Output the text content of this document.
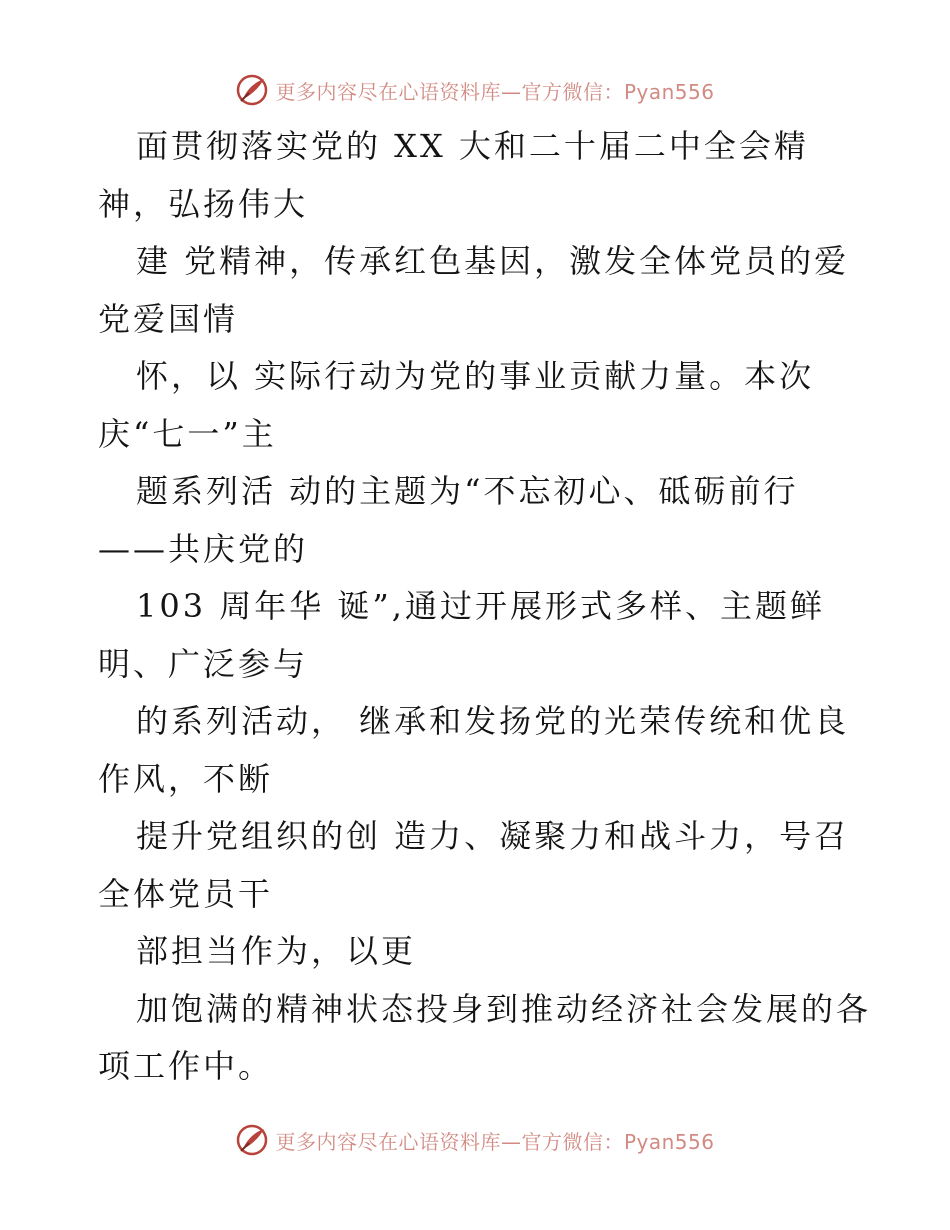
更多内容尽在心语资料库—官方微信：Pyan556
面贯彻落实党的 XX 大和二十届二中全会精
神，弘扬伟大
建 党精神，传承红色基因，激发全体党员的爱
党爱国情
怀，以 实际行动为党的事业贡献力量。本次
庆“七一”主
题系列活 动的主题为“不忘初心、砥砺前行
——共庆党的
103 周年华 诞”,通过开展形式多样、主题鲜
明、广泛参与
的系列活动， 继承和发扬党的光荣传统和优良
作风，不断
提升党组织的创 造力、凝聚力和战斗力，号召
全体党员干
部担当作为，以更
加饱满的精神状态投身到推动经济社会发展的各
项工作中。
更多内容尽在心语资料库—官方微信：Pyan556
